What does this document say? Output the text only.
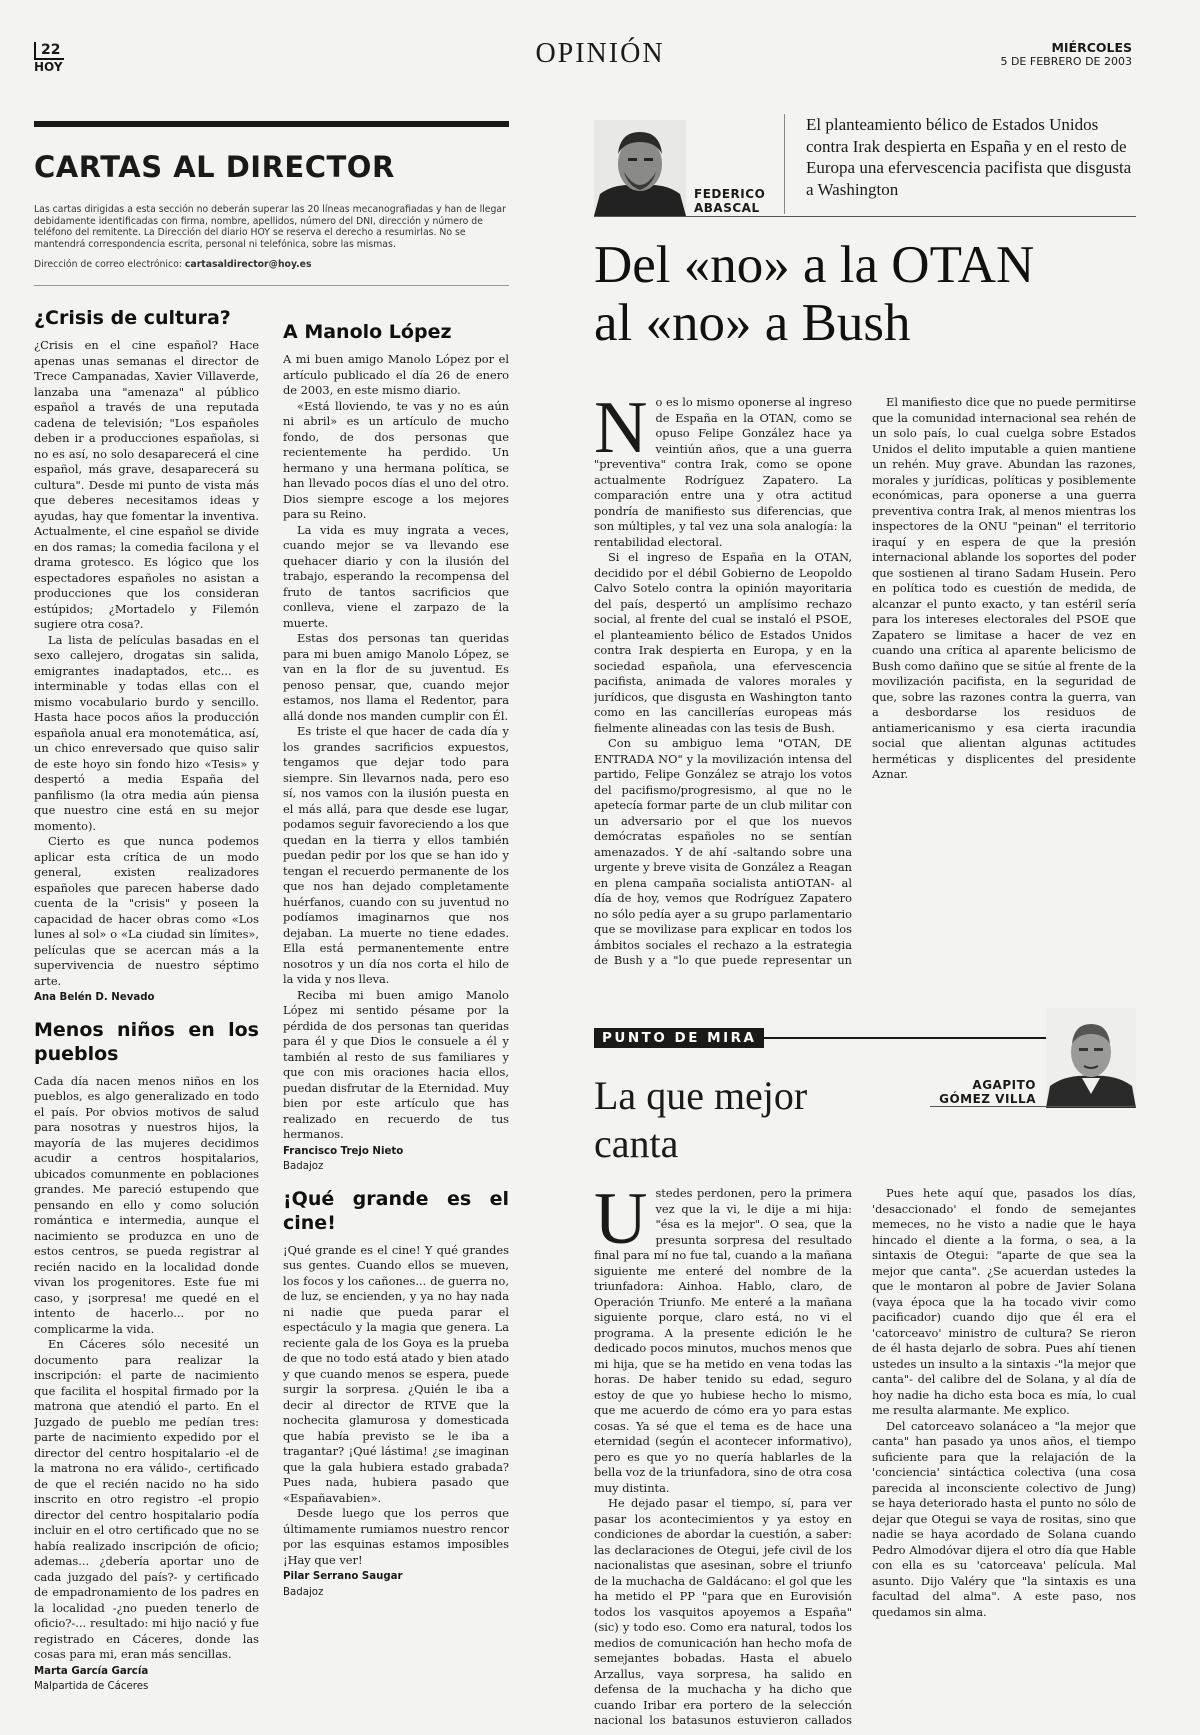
22
HOY	OPINIÓN	MIÉRCOLES
5 DE FEBRERO DE 2003
CARTAS AL DIRECTOR
Las cartas dirigidas a esta sección no deberán superar las 20 líneas mecanografiadas y han de llegar debidamente identificadas con firma, nombre, apellidos, número del DNI, dirección y número de teléfono del remitente. La Dirección del diario HOY se reserva el derecho a resumirlas. No se mantendrá correspondencia escrita, personal ni telefónica, sobre las mismas.
Dirección de correo electrónico: cartasaldirector@hoy.es
¿Crisis de cultura?

¿Crisis en el cine español? Hace apenas unas semanas el director de Trece Campanadas, Xavier Villaverde, lanzaba una "amenaza" al público español a través de una reputada cadena de televisión; "Los españoles deben ir a producciones españolas, si no es así, no solo desaparecerá el cine español, más grave, desaparecerá su cultura". Desde mi punto de vista más que deberes necesitamos ideas y ayudas, hay que fomentar la inventiva. Actualmente, el cine español se divide en dos ramas; la comedia facilona y el drama grotesco. Es lógico que los espectadores españoles no asistan a producciones que los consideran estúpidos; ¿Mortadelo y Filemón sugiere otra cosa?.

La lista de películas basadas en el sexo callejero, drogatas sin salida, emigrantes inadaptados, etc... es interminable y todas ellas con el mismo vocabulario burdo y sencillo. Hasta hace pocos años la producción española anual era monotemática, así, un chico enreversado que quiso salir de este hoyo sin fondo hizo «Tesis» y despertó a media España del panfilismo (la otra media aún piensa que nuestro cine está en su mejor momento).

Cierto es que nunca podemos aplicar esta crítica de un modo general, existen realizadores españoles que parecen haberse dado cuenta de la "crisis" y poseen la capacidad de hacer obras como «Los lunes al sol» o «La ciudad sin límites», películas que se acercan más a la supervivencia de nuestro séptimo arte.

Ana Belén D. Nevado
Menos niños en los pueblos

Cada día nacen menos niños en los pueblos, es algo generalizado en todo el país. Por obvios motivos de salud para nosotras y nuestros hijos, la mayoría de las mujeres decidimos acudir a centros hospitalarios, ubicados comunmente en poblaciones grandes. Me pareció estupendo que pensando en ello y como solución romántica e intermedia, aunque el nacimiento se produzca en uno de estos centros, se pueda registrar al recién nacido en la localidad donde vivan los progenitores. Este fue mi caso, y ¡sorpresa! me quedé en el intento de hacerlo... por no complicarme la vida.

En Cáceres sólo necesité un documento para realizar la inscripción: el parte de nacimiento que facilita el hospital firmado por la matrona que atendió el parto. En el Juzgado de pueblo me pedían tres: parte de nacimiento expedido por el director del centro hospitalario -el de la matrona no era válido-, certificado de que el recién nacido no ha sido inscrito en otro registro -el propio director del centro hospitalario podía incluir en el otro certificado que no se había realizado inscripción de oficio; ademas... ¿debería aportar uno de cada juzgado del país?- y certificado de empadronamiento de los padres en la localidad -¿no pueden tenerlo de oficio?-... resultado: mi hijo nació y fue registrado en Cáceres, donde las cosas para mi, eran más sencillas.

Marta García García
Malpartida de Cáceres
A Manolo López

A mi buen amigo Manolo López por el artículo publicado el día 26 de enero de 2003, en este mismo diario.

«Está lloviendo, te vas y no es aún ni abril» es un artículo de mucho fondo, de dos personas que recientemente ha perdido. Un hermano y una hermana política, se han llevado pocos días el uno del otro. Dios siempre escoge a los mejores para su Reino.

La vida es muy ingrata a veces, cuando mejor se va llevando ese quehacer diario y con la ilusión del trabajo, esperando la recompensa del fruto de tantos sacrificios que conlleva, viene el zarpazo de la muerte.

Estas dos personas tan queridas para mi buen amigo Manolo López, se van en la flor de su juventud. Es penoso pensar, que, cuando mejor estamos, nos llama el Redentor, para allá donde nos manden cumplir con Él.

Es triste el que hacer de cada día y los grandes sacrificios expuestos, tengamos que dejar todo para siempre. Sin llevarnos nada, pero eso sí, nos vamos con la ilusión puesta en el más allá, para que desde ese lugar, podamos seguir favoreciendo a los que quedan en la tierra y ellos también puedan pedir por los que se han ido y tengan el recuerdo permanente de los que nos han dejado completamente huérfanos, cuando con su juventud no podíamos imaginarnos que nos dejaban. La muerte no tiene edades. Ella está permanentemente entre nosotros y un día nos corta el hilo de la vida y nos lleva.

Reciba mi buen amigo Manolo López mi sentido pésame por la pérdida de dos personas tan queridas para él y que Dios le consuele a él y también al resto de sus familiares y que con mis oraciones hacia ellos, puedan disfrutar de la Eternidad. Muy bien por este artículo que has realizado en recuerdo de tus hermanos.

Francisco Trejo Nieto
Badajoz
¡Qué grande es el cine!

¡Qué grande es el cine! Y qué grandes sus gentes. Cuando ellos se mueven, los focos y los cañones... de guerra no, de luz, se encienden, y ya no hay nada ni nadie que pueda parar el espectáculo y la magia que genera. La reciente gala de los Goya es la prueba de que no todo está atado y bien atado y que cuando menos se espera, puede surgir la sorpresa. ¿Quién le iba a decir al director de RTVE que la nochecita glamurosa y domesticada que había previsto se le iba a tragantar? ¡Qué lástima! ¿se imaginan que la gala hubiera estado grabada? Pues nada, hubiera pasado que «Españavabien».

Desde luego que los perros que últimamente rumiamos nuestro rencor por las esquinas estamos imposibles ¡Hay que ver!

Pilar Serrano Saugar
Badajoz
FEDERICO
ABASCAL
El planteamiento bélico de Estados Unidos contra Irak despierta en España y en el resto de Europa una efervescencia pacifista que disgusta a Washington
Del «no» a la OTAN
al «no» a Bush
N o es lo mismo oponerse al ingreso de España en la OTAN, como se opuso Felipe González hace ya veintiún años, que a una guerra "preventiva" contra Irak, como se opone actualmente Rodríguez Zapatero. La comparación entre una y otra actitud pondría de manifiesto sus diferencias, que son múltiples, y tal vez una sola analogía: la rentabilidad electoral.

Si el ingreso de España en la OTAN, decidido por el débil Gobierno de Leopoldo Calvo Sotelo contra la opinión mayoritaria del país, despertó un amplísimo rechazo social, al frente del cual se instaló el PSOE, el planteamiento bélico de Estados Unidos contra Irak despierta en Europa, y en la sociedad española, una efervescencia pacifista, animada de valores morales y jurídicos, que disgusta en Washington tanto como en las cancillerías europeas más fielmente alineadas con las tesis de Bush.

Con su ambiguo lema "OTAN, DE ENTRADA NO" y la movilización intensa del partido, Felipe González se atrajo los votos del pacifismo/progresismo, al que no le apetecía formar parte de un club militar con un adversario por el que los nuevos demócratas españoles no se sentían amenazados. Y de ahí -saltando sobre una urgente y breve visita de González a Reagan en plena campaña socialista antiOTAN- al día de hoy, vemos que Rodríguez Zapatero no sólo pedía ayer a su grupo parlamentario que se movilizase para explicar en todos los ámbitos sociales el rechazo a la estrategia de Bush y a "lo que puede representar un

El manifiesto dice que no puede permitirse que la comunidad internacional sea rehén de un solo país, lo cual cuelga sobre Estados Unidos el delito imputable a quien mantiene un rehén. Muy grave. Abundan las razones, morales y jurídicas, políticas y posiblemente económicas, para oponerse a una guerra preventiva contra Irak, al menos mientras los inspectores de la ONU "peinan" el territorio iraquí y en espera de que la presión internacional ablande los soportes del poder que sostienen al tirano Sadam Husein. Pero en política todo es cuestión de medida, de alcanzar el punto exacto, y tan estéril sería para los intereses electorales del PSOE que Zapatero se limitase a hacer de vez en cuando una crítica al aparente belicismo de Bush como dañino que se sitúe al frente de la movilización pacifista, en la seguridad de que, sobre las razones contra la guerra, van a desbordarse los residuos de antiamericanismo y esa cierta iracundia social que alientan algunas actitudes herméticas y displicentes del presidente Aznar.

PUNTO DE MIRA
La que mejor
canta
AGAPITO
GÓMEZ VILLA
U stedes perdonen, pero la primera vez que la vi, le dije a mi hija: "ésa es la mejor". O sea, que la presunta sorpresa del resultado final para mí no fue tal, cuando a la mañana siguiente me enteré del nombre de la triunfadora: Ainhoa. Hablo, claro, de Operación Triunfo. Me enteré a la mañana siguiente porque, claro está, no vi el programa. A la presente edición le he dedicado pocos minutos, muchos menos que mi hija, que se ha metido en vena todas las horas. De haber tenido su edad, seguro estoy de que yo hubiese hecho lo mismo, que me acuerdo de cómo era yo para estas cosas. Ya sé que el tema es de hace una eternidad (según el acontecer informativo), pero es que yo no quería hablarles de la bella voz de la triunfadora, sino de otra cosa muy distinta.

He dejado pasar el tiempo, sí, para ver pasar los acontecimientos y ya estoy en condiciones de abordar la cuestión, a saber: las declaraciones de Otegui, jefe civil de los nacionalistas que asesinan, sobre el triunfo de la muchacha de Galdácano: el gol que les ha metido el PP "para que en Eurovisión todos los vasquitos apoyemos a España" (sic) y todo eso. Como era natural, todos los medios de comunicación han hecho mofa de semejantes bobadas. Hasta el abuelo Arzallus, vaya sorpresa, ha salido en defensa de la muchacha y ha dicho que cuando Iribar era portero de la selección nacional los batasunos estuvieron callados

Pues hete aquí que, pasados los días, 'desaccionado' el fondo de semejantes memeces, no he visto a nadie que le haya hincado el diente a la forma, o sea, a la sintaxis de Otegui: "aparte de que sea la mejor que canta". ¿Se acuerdan ustedes la que le montaron al pobre de Javier Solana (vaya época que la ha tocado vivir como pacificador) cuando dijo que él era el 'catorceavo' ministro de cultura? Se rieron de él hasta dejarlo de sobra. Pues ahí tienen ustedes un insulto a la sintaxis -"la mejor que canta"- del calibre del de Solana, y al día de hoy nadie ha dicho esta boca es mía, lo cual me resulta alarmante. Me explico.

Del catorceavo solanáceo a "la mejor que canta" han pasado ya unos años, el tiempo suficiente para que la relajación de la 'conciencia' sintáctica colectiva (una cosa parecida al inconsciente colectivo de Jung) se haya deteriorado hasta el punto no sólo de dejar que Otegui se vaya de rositas, sino que nadie se haya acordado de Solana cuando Pedro Almodóvar dijera el otro día que Hable con ella es su 'catorceava' película. Mal asunto. Dijo Valéry que "la sintaxis es una facultad del alma". A este paso, nos quedamos sin alma.
